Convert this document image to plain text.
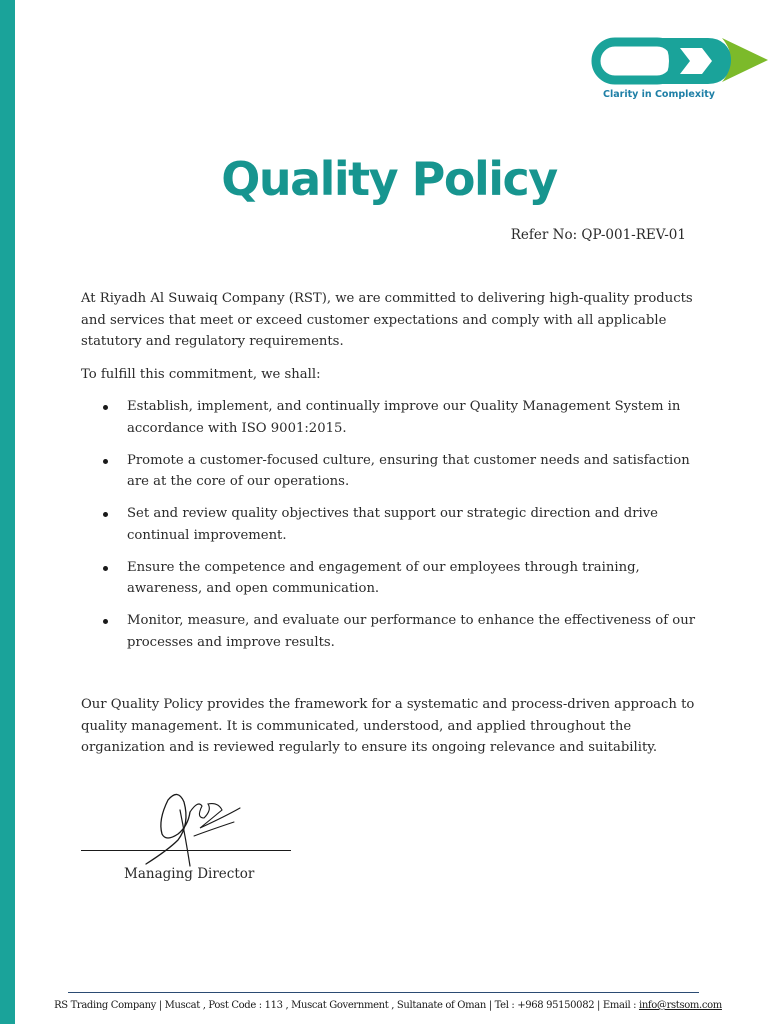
Clarity in Complexity
Quality Policy
Refer No: QP-001-REV-01

At Riyadh Al Suwaiq Company (RST), we are committed to delivering high-quality products and services that meet or exceed customer expectations and comply with all applicable statutory and regulatory requirements.

To fulfill this commitment, we shall:

Establish, implement, and continually improve our Quality Management System in accordance with ISO 9001:2015.
Promote a customer-focused culture, ensuring that customer needs and satisfaction are at the core of our operations.
Set and review quality objectives that support our strategic direction and drive continual improvement.
Ensure the competence and engagement of our employees through training, awareness, and open communication.
Monitor, measure, and evaluate our performance to enhance the effectiveness of our processes and improve results.

Our Quality Policy provides the framework for a systematic and process-driven approach to quality management. It is communicated, understood, and applied throughout the organization and is reviewed regularly to ensure its ongoing relevance and suitability.

Managing Director
RS Trading Company | Muscat , Post Code : 113 , Muscat Government , Sultanate of Oman | Tel : +968 95150082 | Email : info@rstsom.com
